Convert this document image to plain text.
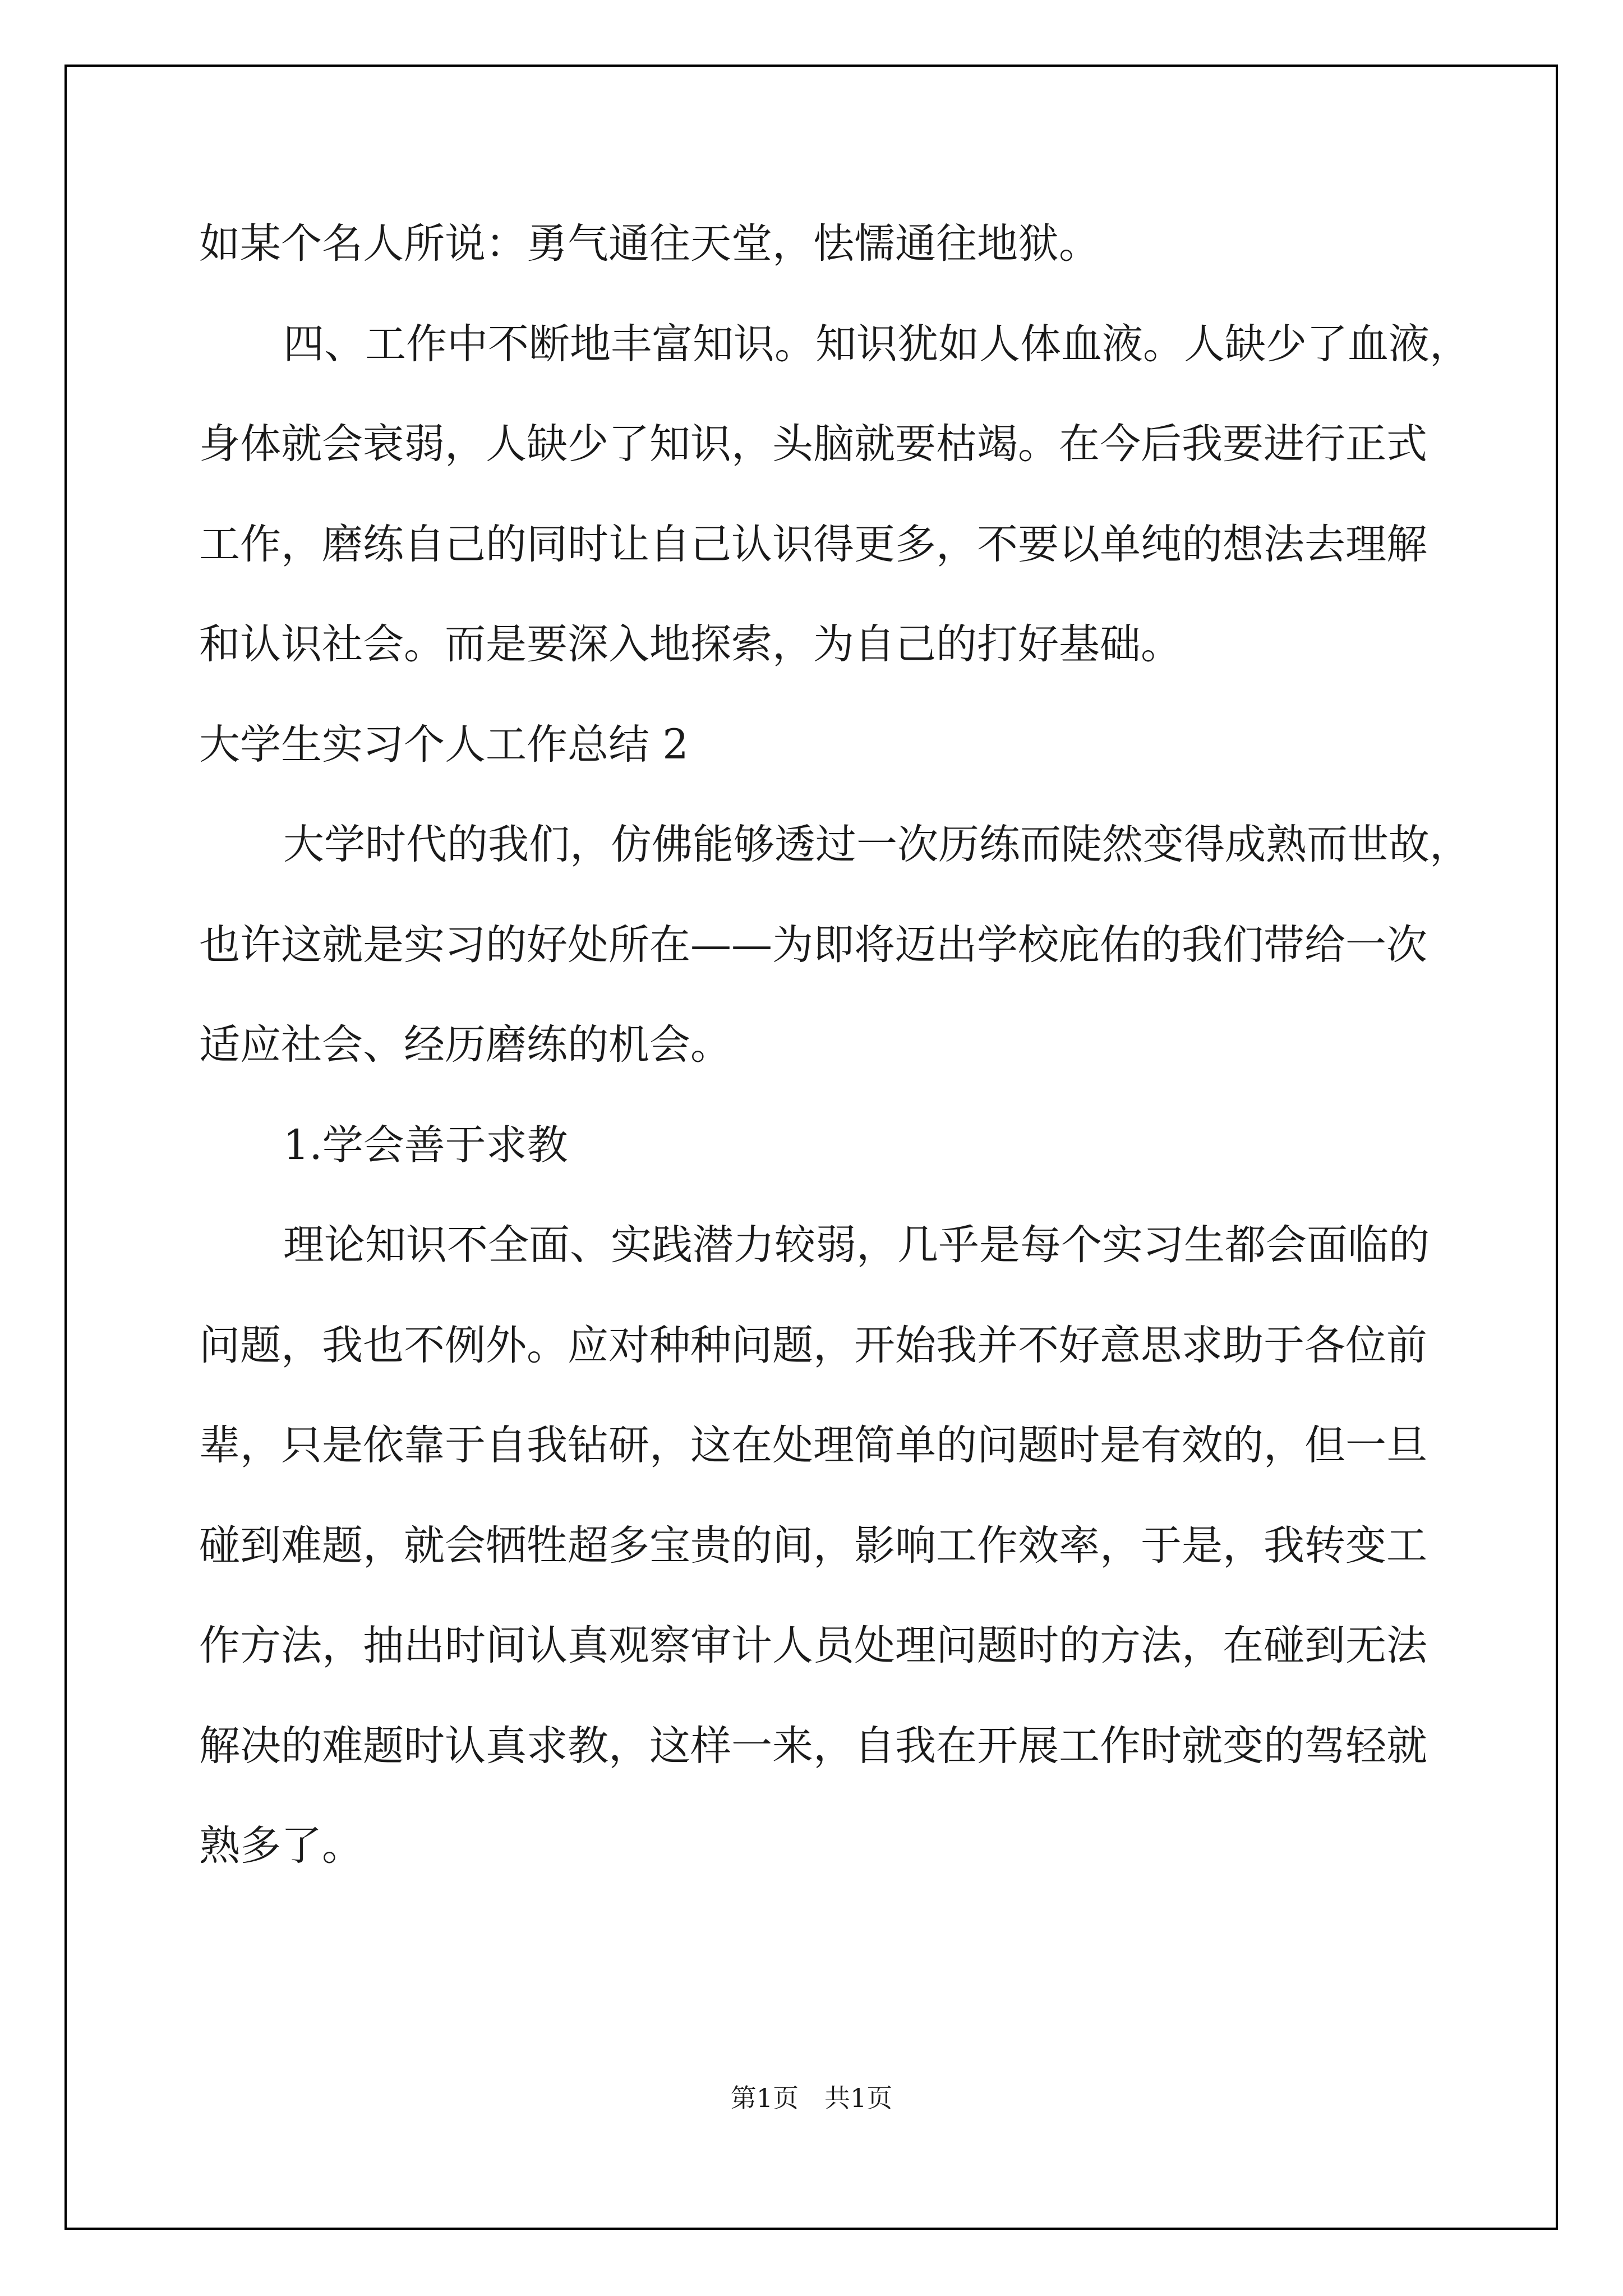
如某个名人所说：勇气通往天堂，怯懦通往地狱。
四、工作中不断地丰富知识。知识犹如人体血液。人缺少了血液，
身体就会衰弱，人缺少了知识，头脑就要枯竭。在今后我要进行正式
工作，磨练自己的同时让自己认识得更多，不要以单纯的想法去理解
和认识社会。而是要深入地探索，为自己的打好基础。
大学生实习个人工作总结 2
大学时代的我们，仿佛能够透过一次历练而陡然变得成熟而世故，
也许这就是实习的好处所在——为即将迈出学校庇佑的我们带给一次
适应社会、经历磨练的机会。
1.学会善于求教
理论知识不全面、实践潜力较弱，几乎是每个实习生都会面临的
问题，我也不例外。应对种种问题，开始我并不好意思求助于各位前
辈，只是依靠于自我钻研，这在处理简单的问题时是有效的，但一旦
碰到难题，就会牺牲超多宝贵的间，影响工作效率，于是，我转变工
作方法，抽出时间认真观察审计人员处理问题时的方法，在碰到无法
解决的难题时认真求教，这样一来，自我在开展工作时就变的驾轻就
熟多了。
第1页　共1页
